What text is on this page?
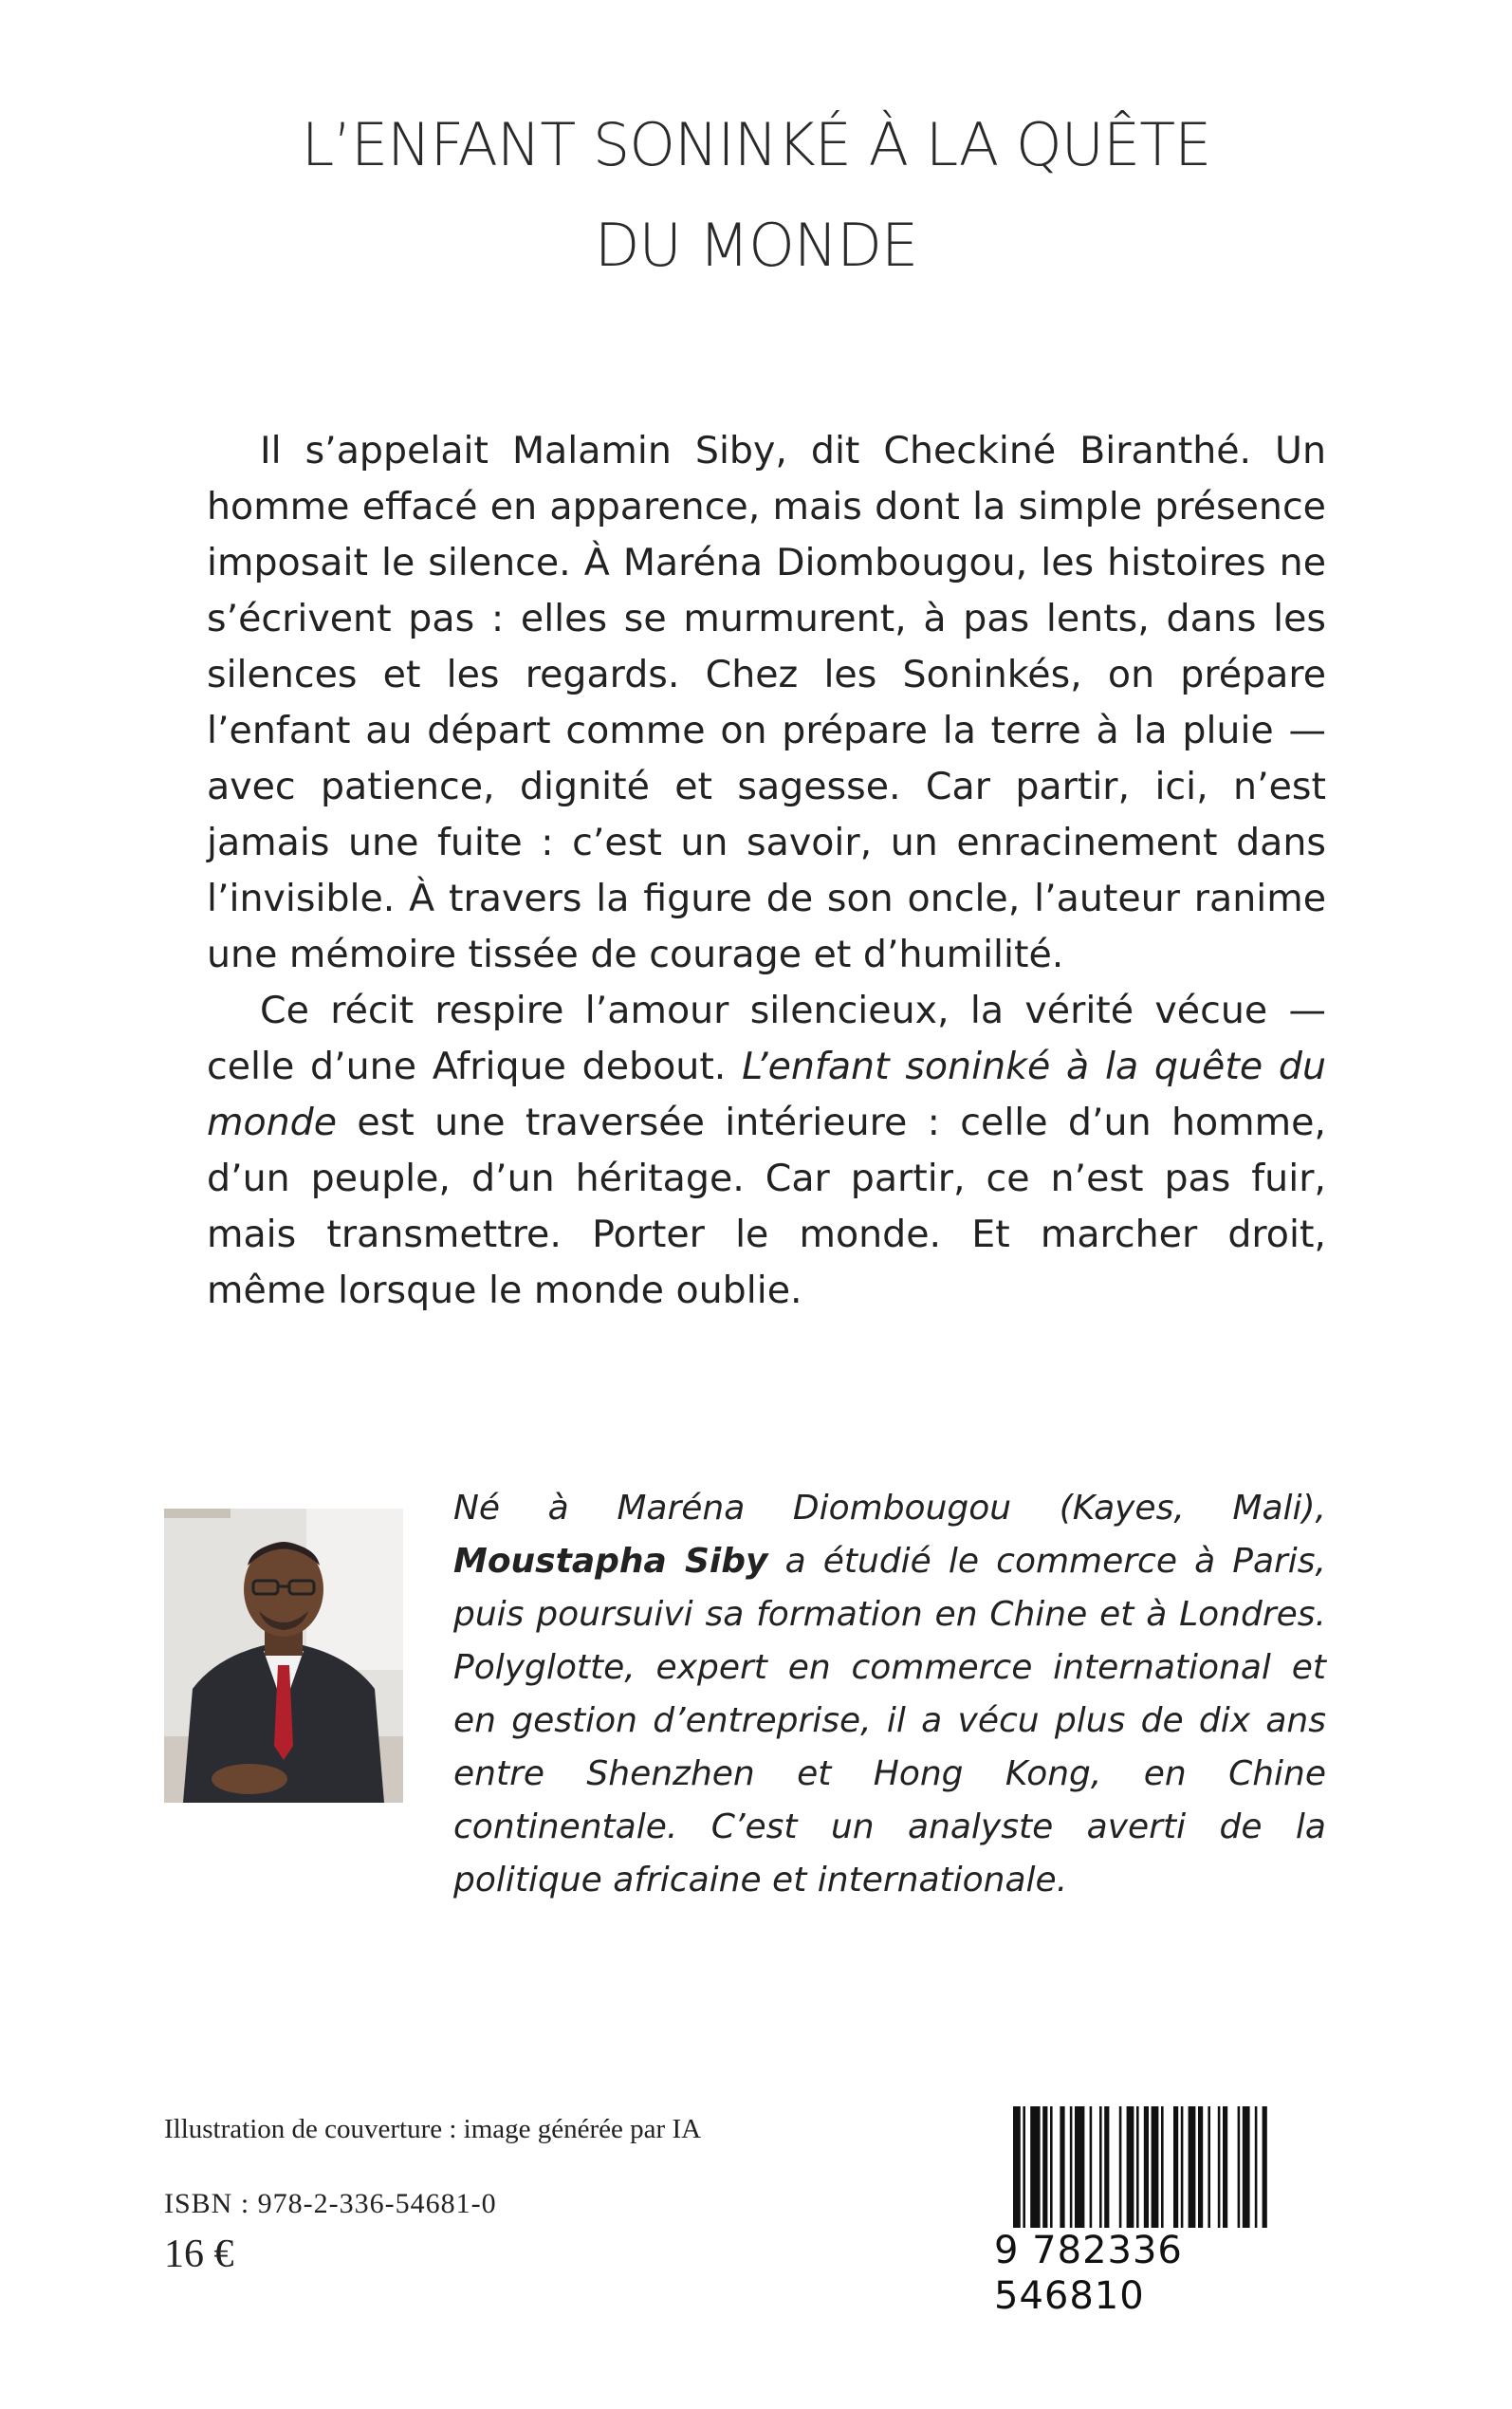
L’ENFANT SONINKÉ À LA QUÊTE
DU MONDE

Il s’appelait Malamin Siby, dit Checkiné Biranthé. Un homme effacé en apparence, mais dont la simple présence imposait le silence. À Maréna Diombougou, les histoires ne s’écrivent pas : elles se murmurent, à pas lents, dans les silences et les regards. Chez les Soninkés, on prépare l’enfant au départ comme on prépare la terre à la pluie — avec patience, dignité et sagesse. Car partir, ici, n’est jamais une fuite : c’est un savoir, un enracinement dans l’invisible. À travers la figure de son oncle, l’auteur ranime une mémoire tissée de courage et d’humilité.

Ce récit respire l’amour silencieux, la vérité vécue — celle d’une Afrique debout. L’enfant soninké à la quête du monde est une traversée intérieure : celle d’un homme, d’un peuple, d’un héritage. Car partir, ce n’est pas fuir, mais transmettre. Porter le monde. Et marcher droit, même lorsque le monde oublie.

Né à Maréna Diombougou (Kayes, Mali), Moustapha Siby a étudié le commerce à Paris, puis poursuivi sa formation en Chine et à Londres. Polyglotte, expert en commerce international et en gestion d’entreprise, il a vécu plus de dix ans entre Shenzhen et Hong Kong, en Chine continentale. C’est un analyste averti de la politique africaine et internationale.
Illustration de couverture : image générée par IA
ISBN : 978-2-336-54681-0
16 €	9 782336 546810
